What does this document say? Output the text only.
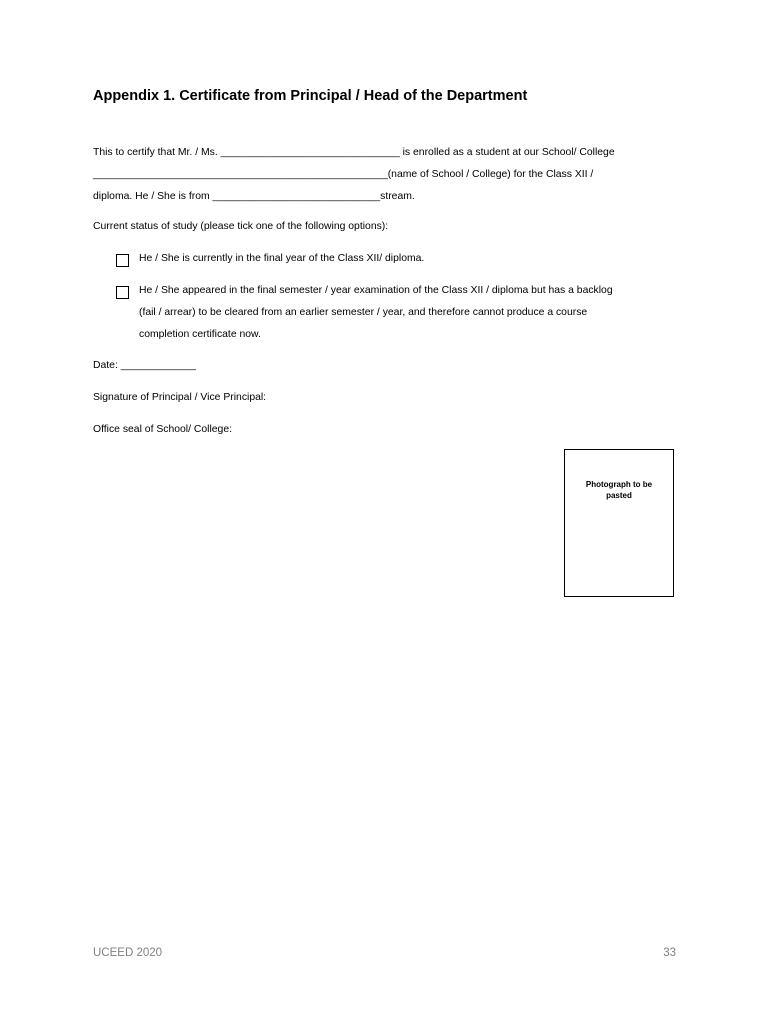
Appendix 1. Certificate from Principal / Head of the Department
This to certify that Mr. / Ms. _______________________________ is enrolled as a student at our School/ College
___________________________________________________(name of School / College) for the Class XII /
diploma. He / She is from _____________________________stream.
Current status of study (please tick one of the following options):
He / She is currently in the final year of the Class XII/ diploma.
He / She appeared in the final semester / year examination of the Class XII / diploma but has a backlog
(fail / arrear) to be cleared from an earlier semester / year, and therefore cannot produce a course
completion certificate now.
Date: _____________
Signature of Principal / Vice Principal:
Office seal of School/ College:
Photograph to be pasted
UCEED 2020	33
